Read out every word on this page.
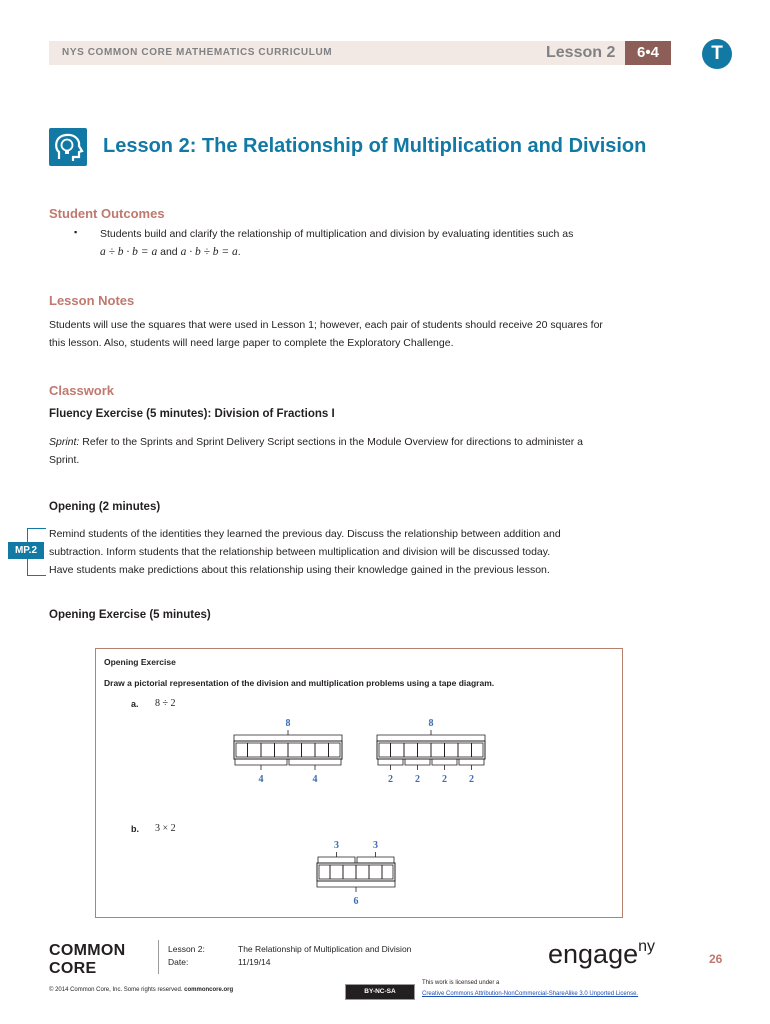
NYS COMMON CORE MATHEMATICS CURRICULUM	Lesson 2	6•4	T
Lesson 2: The Relationship of Multiplication and Division
Student Outcomes
▪ Students build and clarify the relationship of multiplication and division by evaluating identities such as
a ÷ b · b = a and a · b ÷ b = a.
Lesson Notes
Students will use the squares that were used in Lesson 1; however, each pair of students should receive 20 squares for
this lesson. Also, students will need large paper to complete the Exploratory Challenge.
Classwork
Fluency Exercise (5 minutes): Division of Fractions I
Sprint: Refer to the Sprints and Sprint Delivery Script sections in the Module Overview for directions to administer a
Sprint.
Opening (2 minutes)
MP.2
Remind students of the identities they learned the previous day. Discuss the relationship between addition and
subtraction. Inform students that the relationship between multiplication and division will be discussed today.
Have students make predictions about this relationship using their knowledge gained in the previous lesson.
Opening Exercise (5 minutes)
Opening Exercise
Draw a pictorial representation of the division and multiplication problems using a tape diagram.
a. 8 ÷ 2
b. 3 × 2
8
4	4
8
2 2 2 2
3	3
6
COMMON
CORE
Lesson 2:
Date:
The Relationship of Multiplication and Division
11/19/14	engage$^{ny}$
26
© 2014 Common Core, Inc. Some rights reserved. commoncore.org	BY-NC-SA
This work is licensed under a
Creative Commons Attribution-NonCommercial-ShareAlike 3.0 Unported License.
